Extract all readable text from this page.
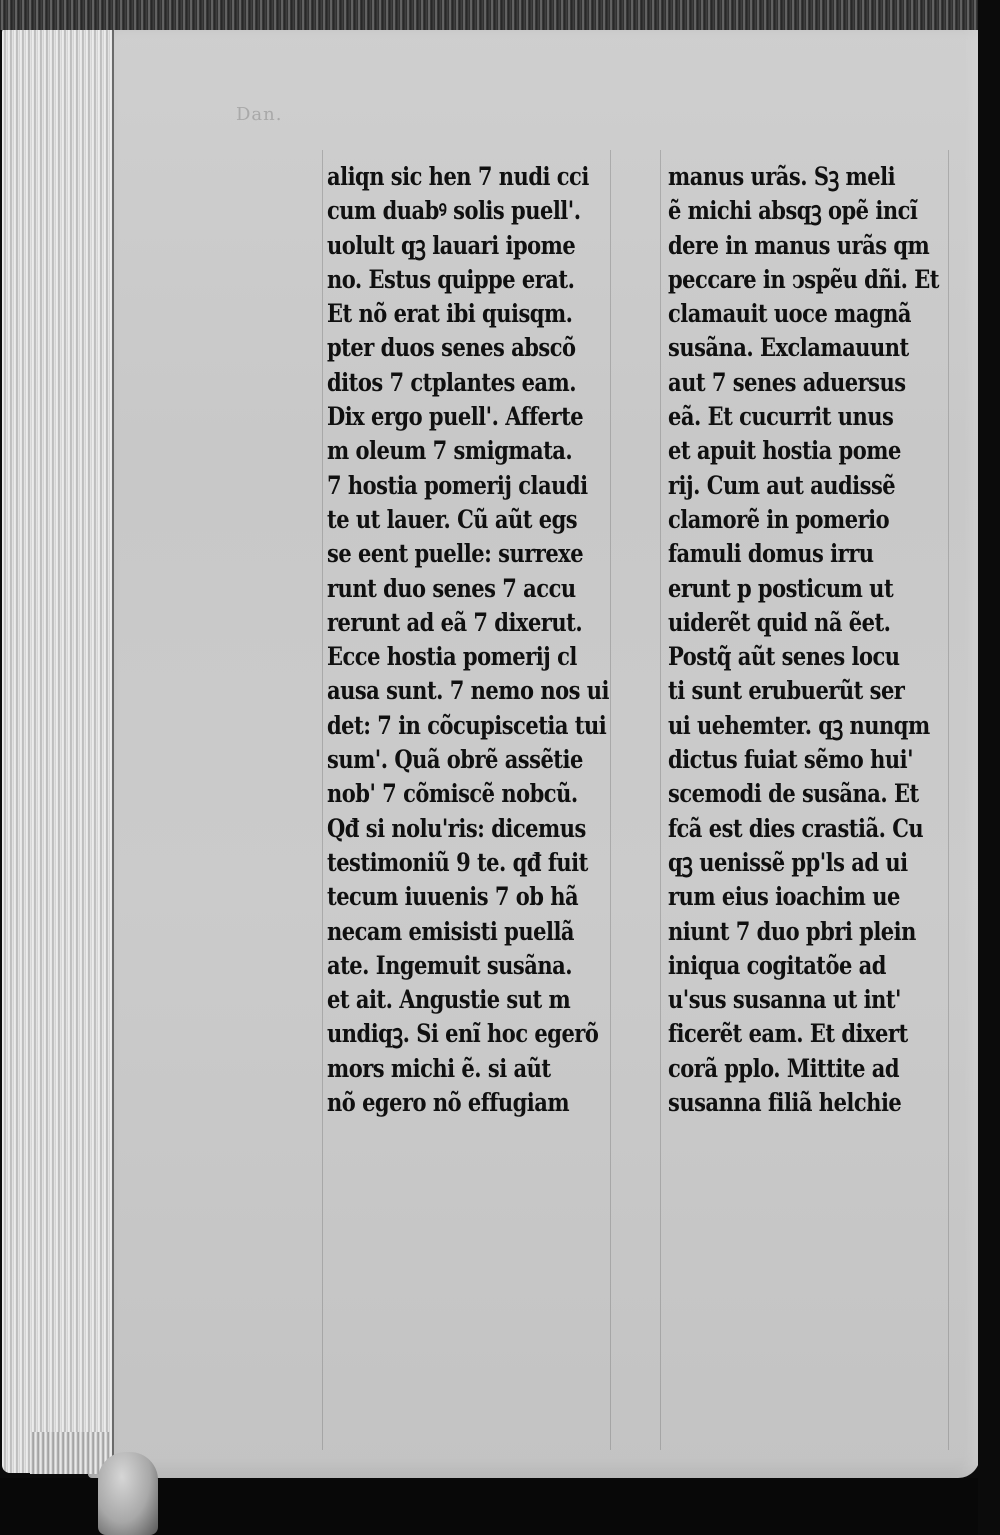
Dan.
aliqn sic hen 7 nudi cci
cum duabꝰ solis puell'.
uolult qꝫ lauari ipome
no. Estus quippe erat.
Et nõ erat ibi quisqm.
pter duos senes abscõ
ditos 7 ctplantes eam.
Dix ergo puell'. Afferte
m oleum 7 smigmata.
7 hostia pomerij claudi
te ut lauer. Cũ aũt egs
se eent puelle: surrexe
runt duo senes 7 accu
rerunt ad eã 7 dixerut.
Ecce hostia pomerij cl
ausa sunt. 7 nemo nos ui
det: 7 in cõcupiscetia tui
sum'. Quã obrẽ assẽtie
nob' 7 cõmiscẽ nobcũ.
Qđ si nolu'ris: dicemus
testimoniũ 9 te. qđ fuit
tecum iuuenis 7 ob hã
necam emisisti puellã
ate. Ingemuit susãna.
et ait. Angustie sut m
undiqꝫ. Si enĩ hoc egerõ
mors michi ẽ. si aũt
nõ egero nõ effugiam
manus urãs. Sꝫ meli
ẽ michi absqꝫ opẽ incĩ
dere in manus urãs qm
peccare in ↄspẽu dñi. Et
clamauit uoce magnã
susãna. Exclamauunt
aut 7 senes aduersus
eã. Et cucurrit unus
et apuit hostia pome
rij. Cum aut audissẽ
clamorẽ in pomerio
famuli domus irru
erunt p posticum ut
uiderẽt quid nã ẽet.
Postq̃ aũt senes locu
ti sunt erubuerũt ser
ui uehemter. qꝫ nunqm
dictus fuiat sẽmo hui'
scemodi de susãna. Et
fcã est dies crastiã. Cu
qꝫ uenissẽ pp'ls ad ui
rum eius ioachim ue
niunt 7 duo pbri plein
iniqua cogitatõe ad
u'sus susanna ut int'
ficerẽt eam. Et dixert
corã pplo. Mittite ad
susanna filiã helchie
